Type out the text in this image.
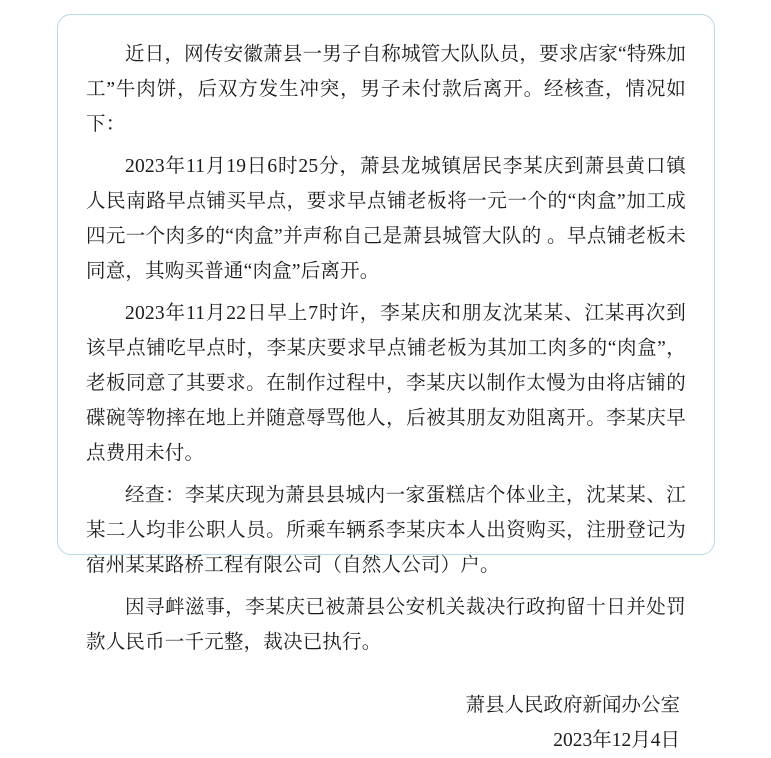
近日，网传安徽萧县一男子自称城管大队队员，要求店家“特殊加工”牛肉饼，后双方发生冲突，男子未付款后离开。经核查，情况如下：

2023年11月19日6时25分，萧县龙城镇居民李某庆到萧县黄口镇人民南路早点铺买早点，要求早点铺老板将一元一个的“肉盒”加工成四元一个肉多的“肉盒”并声称自己是萧县城管大队的 。早点铺老板未同意，其购买普通“肉盒”后离开。

2023年11月22日早上7时许，李某庆和朋友沈某某、江某再次到该早点铺吃早点时，李某庆要求早点铺老板为其加工肉多的“肉盒”，老板同意了其要求。在制作过程中，李某庆以制作太慢为由将店铺的碟碗等物摔在地上并随意辱骂他人，后被其朋友劝阻离开。李某庆早点费用未付。

经查：李某庆现为萧县县城内一家蛋糕店个体业主，沈某某、江某二人均非公职人员。所乘车辆系李某庆本人出资购买，注册登记为宿州某某路桥工程有限公司（自然人公司）户。

因寻衅滋事，李某庆已被萧县公安机关裁决行政拘留十日并处罚款人民币一千元整，裁决已执行。

萧县人民政府新闻办公室
2023年12月4日
